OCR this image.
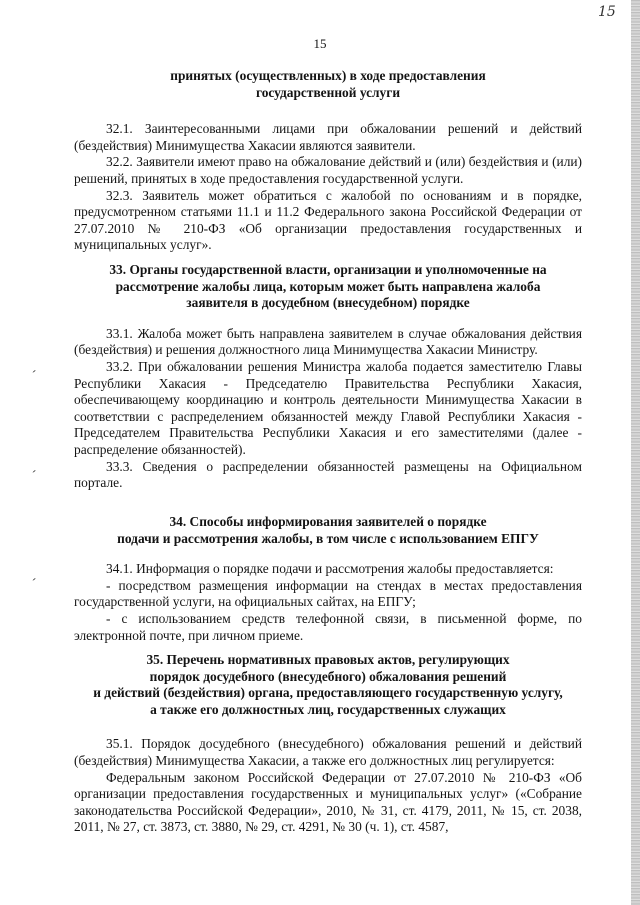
15
15
ˏ
ˏ
ˏ
принятых (осуществленных) в ходе предоставления
государственной услуги

32.1. Заинтересованными лицами при обжаловании решений и действий (бездействия) Минимущества Хакасии являются заявители.

32.2. Заявители имеют право на обжалование действий и (или) бездействия и (или) решений, принятых в ходе предоставления государственной услуги.

32.3. Заявитель может обратиться с жалобой по основаниям и в порядке, предусмотренном статьями 11.1 и 11.2 Федерального закона Российской Федерации от 27.07.2010 № 210-ФЗ «Об организации предоставления государственных и муниципальных услуг».

33. Органы государственной власти, организации и уполномоченные на
рассмотрение жалобы лица, которым может быть направлена жалоба
заявителя в досудебном (внесудебном) порядке

33.1. Жалоба может быть направлена заявителем в случае обжалования действия (бездействия) и решения должностного лица Минимущества Хакасии Министру.

33.2. При обжаловании решения Министра жалоба подается заместителю Главы Республики Хакасия - Председателю Правительства Республики Хакасия, обеспечивающему координацию и контроль деятельности Минимущества Хакасии в соответствии с распределением обязанностей между Главой Республики Хакасия - Председателем Правительства Республики Хакасия и его заместителями (далее - распределение обязанностей).

33.3. Сведения о распределении обязанностей размещены на Официальном портале.

34. Способы информирования заявителей о порядке
подачи и рассмотрения жалобы, в том числе с использованием ЕПГУ

34.1. Информация о порядке подачи и рассмотрения жалобы предоставляется:

- посредством размещения информации на стендах в местах предоставления государственной услуги, на официальных сайтах, на ЕПГУ;

- с использованием средств телефонной связи, в письменной форме, по электронной почте, при личном приеме.

35. Перечень нормативных правовых актов, регулирующих
порядок досудебного (внесудебного) обжалования решений
и действий (бездействия) органа, предоставляющего государственную услугу,
а также его должностных лиц, государственных служащих

35.1. Порядок досудебного (внесудебного) обжалования решений и действий (бездействия) Минимущества Хакасии, а также его должностных лиц регулируется:

Федеральным законом Российской Федерации от 27.07.2010 № 210-ФЗ «Об организации предоставления государственных и муниципальных услуг» («Собрание законодательства Российской Федерации», 2010, № 31, ст. 4179, 2011, № 15, ст. 2038, 2011, № 27, ст. 3873, ст. 3880, № 29, ст. 4291, № 30 (ч. 1), ст. 4587,
